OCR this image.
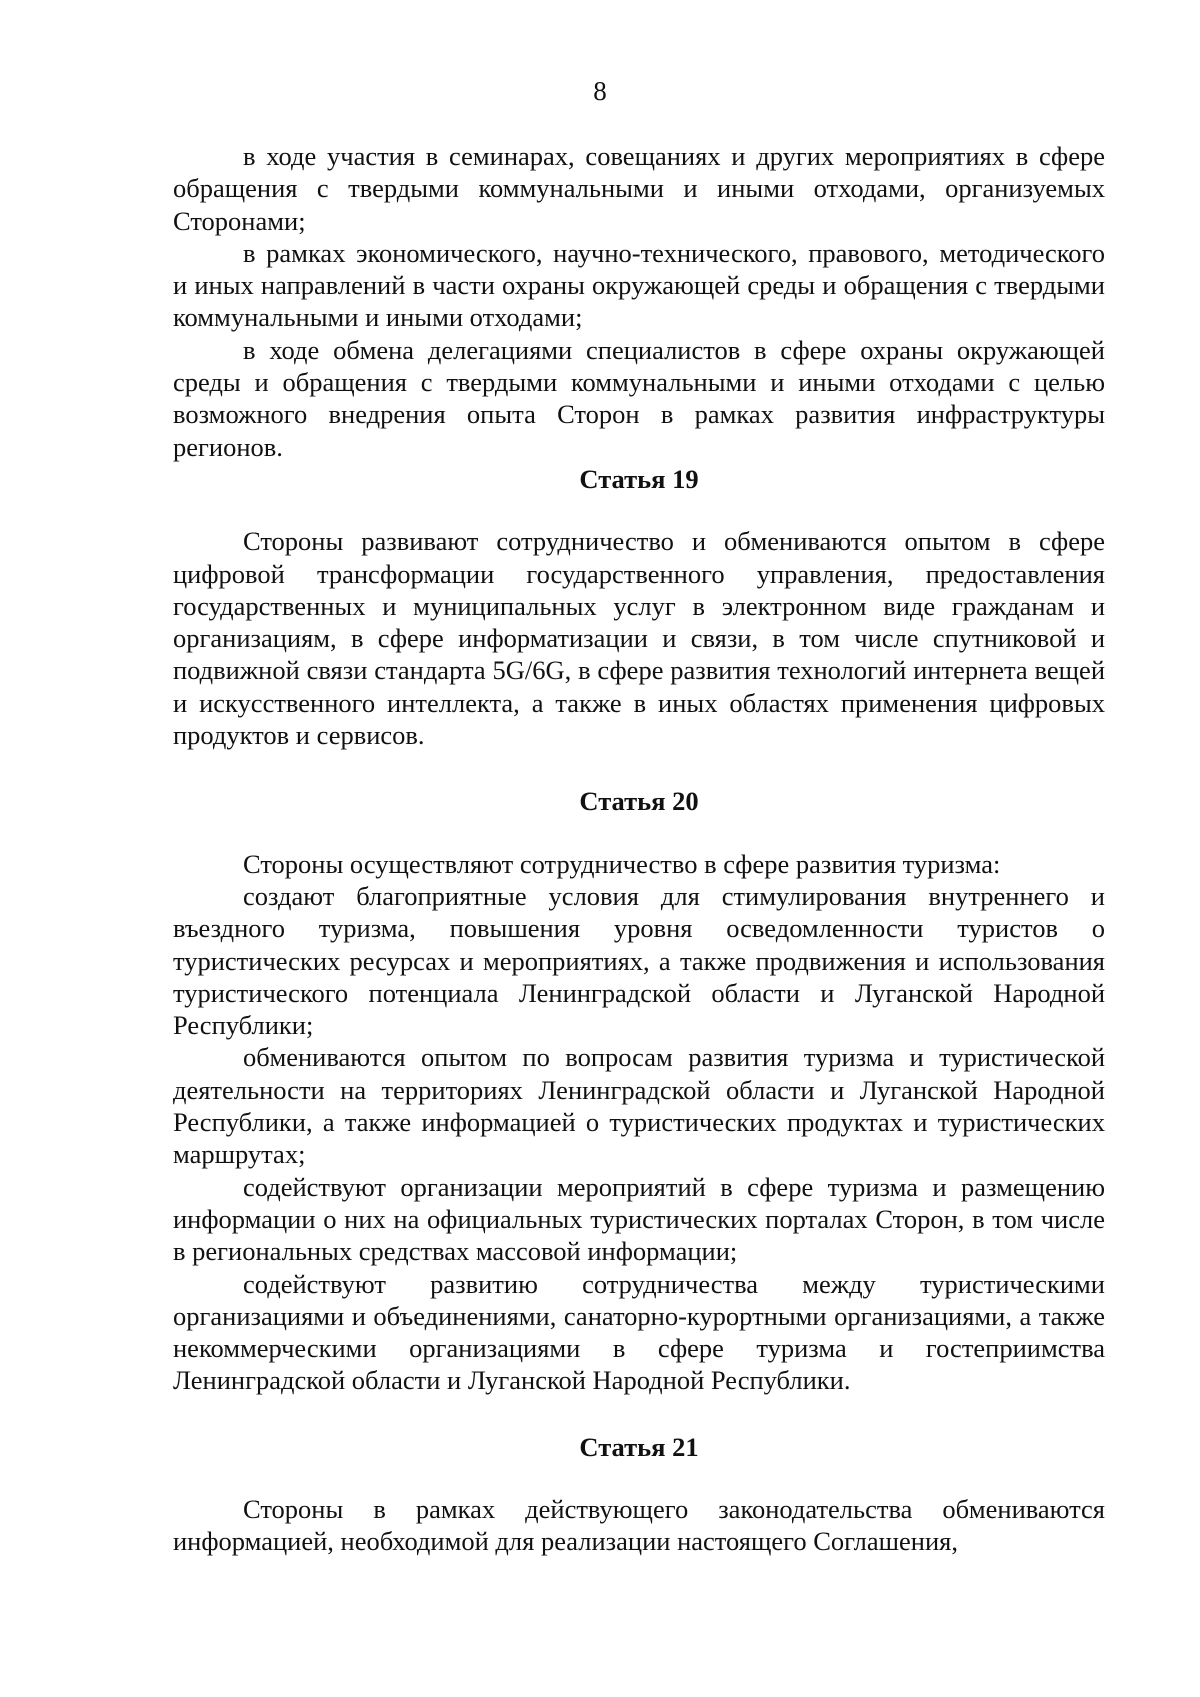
8

в ходе участия в семинарах, совещаниях и других мероприятиях в сфере обращения с твердыми коммунальными и иными отходами, организуемых Сторонами;

в рамках экономического, научно-технического, правового, методического и иных направлений в части охраны окружающей среды и обращения с твердыми коммунальными и иными отходами;

в ходе обмена делегациями специалистов в сфере охраны окружающей среды и обращения с твердыми коммунальными и иными отходами с целью возможного внедрения опыта Сторон в рамках развития инфраструктуры регионов.

Статья 19

Стороны развивают сотрудничество и обмениваются опытом в сфере цифровой трансформации государственного управления, предоставления государственных и муниципальных услуг в электронном виде гражданам и организациям, в сфере информатизации и связи, в том числе спутниковой и подвижной связи стандарта 5G/6G, в сфере развития технологий интернета вещей и искусственного интеллекта, а также в иных областях применения цифровых продуктов и сервисов.

Статья 20

Стороны осуществляют сотрудничество в сфере развития туризма:

создают благоприятные условия для стимулирования внутреннего и въездного туризма, повышения уровня осведомленности туристов о туристических ресурсах и мероприятиях, а также продвижения и использования туристического потенциала Ленинградской области и Луганской Народной Республики;

обмениваются опытом по вопросам развития туризма и туристической деятельности на территориях Ленинградской области и Луганской Народной Республики, а также информацией о туристических продуктах и туристических маршрутах;

содействуют организации мероприятий в сфере туризма и размещению информации о них на официальных туристических порталах Сторон, в том числе в региональных средствах массовой информации;

содействуют развитию сотрудничества между туристическими организациями и объединениями, санаторно-курортными организациями, а также некоммерческими организациями в сфере туризма и гостеприимства Ленинградской области и Луганской Народной Республики.

Статья 21

Стороны в рамках действующего законодательства обмениваются информацией, необходимой для реализации настоящего Соглашения,
